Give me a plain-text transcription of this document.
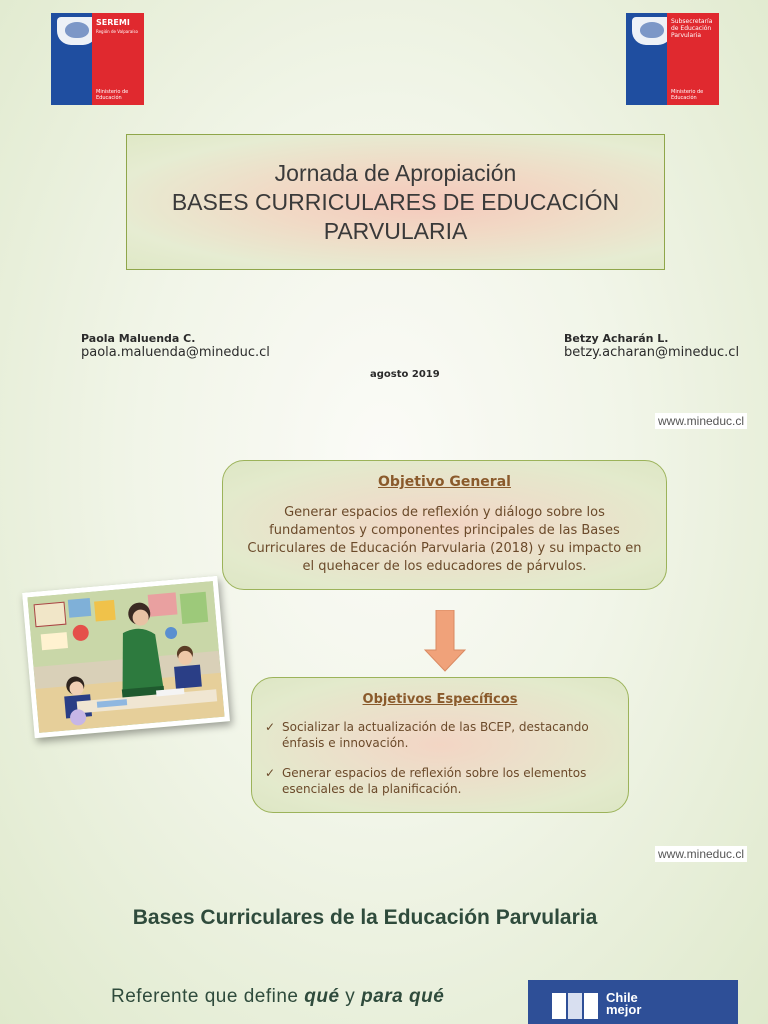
SEREMI
Región de Valparaíso
Ministerio de Educación
Subsecretaría de Educación Parvularia
Ministerio de Educación
Jornada de Apropiación
BASES CURRICULARES DE EDUCACIÓN
PARVULARIA
Paola Maluenda C.
paola.maluenda@mineduc.cl
Betzy Acharán L.
betzy.acharan@mineduc.cl
agosto 2019
www.mineduc.cl
Objetivo General
Generar espacios de reflexión y diálogo sobre los fundamentos y componentes principales de las Bases Curriculares de Educación Parvularia (2018) y su impacto en el quehacer de los educadores de párvulos.
Objetivos Específicos
✓ Socializar la actualización de las BCEP, destacando énfasis e innovación.
✓ Generar espacios de reflexión sobre los elementos esenciales de la planificación.
www.mineduc.cl
Bases Curriculares de la Educación Parvularia
Referente que define qué y para qué	Chile
mejor
